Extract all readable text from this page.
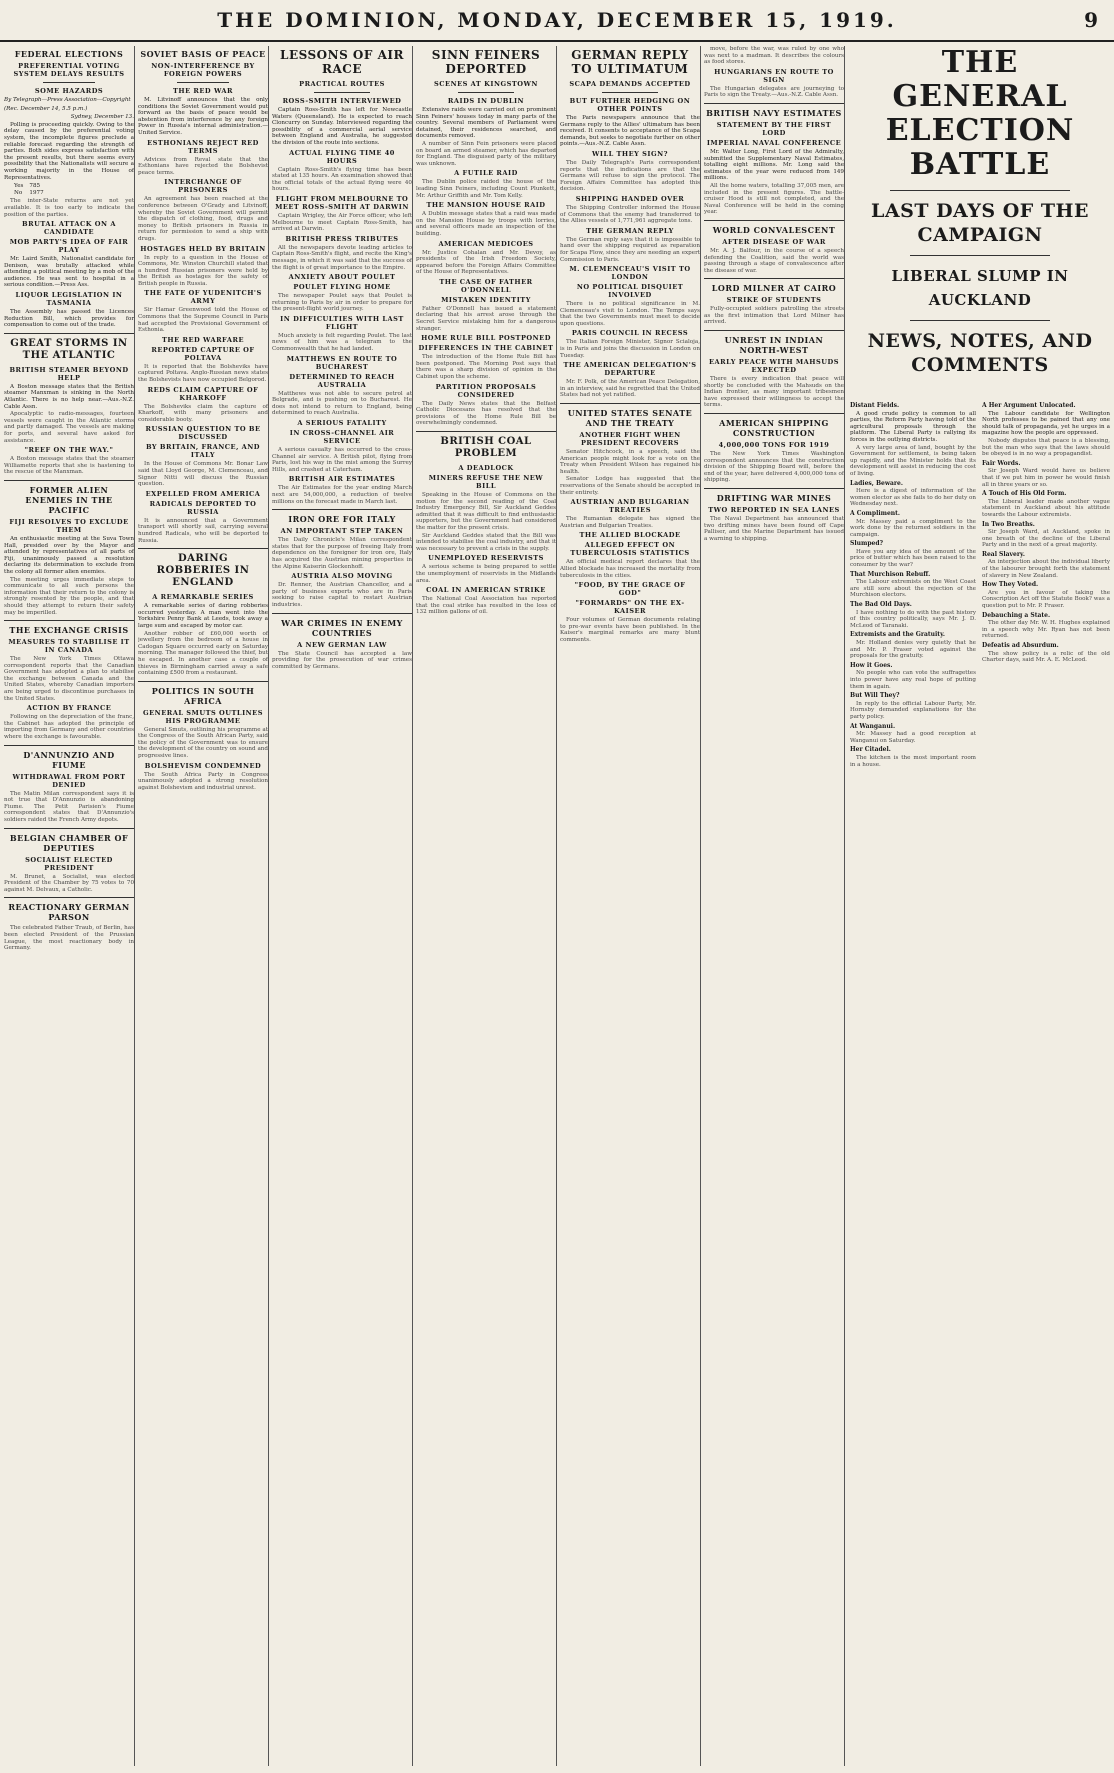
THE DOMINION, MONDAY, DECEMBER 15, 1919.	9
FEDERAL ELECTIONS
PREFERENTIAL VOTING SYSTEM DELAYS RESULTS
SOME HAZARDS
By Telegraph—Press Association—Copyright
(Rec. December 14, 5.5 p.m.)
Sydney, December 13.

Polling is proceeding quickly. Owing to the delay caused by the preferential voting system, the incomplete figures preclude a reliable forecast regarding the strength of parties. Both sides express satisfaction with the present results, but there seems every possibility that the Nationalists will secure a working majority in the House of Representatives.

Yes	785
No	1977

The inter-State returns are not yet available. It is too early to indicate the position of the parties.

BRUTAL ATTACK ON A CANDIDATE
MOB PARTY'S IDEA OF FAIR PLAY

Mr. Laird Smith, Nationalist candidate for Denison, was brutally attacked while attending a political meeting by a mob of the audience. He was sent to hospital in a serious condition.—Press Ass.

LIQUOR LEGISLATION IN TASMANIA

The Assembly has passed the Licences Reduction Bill, which provides for compensation to come out of the trade.

GREAT STORMS IN THE ATLANTIC
BRITISH STEAMER BEYOND HELP

A Boston message states that the British steamer Manxman is sinking in the North Atlantic. There is no help near.—Aus.-N.Z. Cable Assn.

Apocalyptic to radio-messages, fourteen vessels were caught in the Atlantic storms and partly damaged. The vessels are making for ports, and several have asked for assistance.

"REEF ON THE WAY."

A Boston message states that the steamer Williamette reports that she is hastening to the rescue of the Manxman.

FORMER ALIEN ENEMIES IN THE PACIFIC
FIJI RESOLVES TO EXCLUDE THEM

An enthusiastic meeting at the Suva Town Hall, presided over by the Mayor and attended by representatives of all parts of Fiji, unanimously passed a resolution declaring its determination to exclude from the colony all former alien enemies.

The meeting urges immediate steps to communicate to all such persons the information that their return to the colony is strongly resented by the people, and that should they attempt to return their safety may be imperilled.

THE EXCHANGE CRISIS
MEASURES TO STABILISE IT IN CANADA

The New York Times Ottawa correspondent reports that the Canadian Government has adopted a plan to stabilise the exchange between Canada and the United States, whereby Canadian importers are being urged to discontinue purchases in the United States.

ACTION BY FRANCE

Following on the depreciation of the franc, the Cabinet has adopted the principle of importing from Germany and other countries where the exchange is favourable.

D'ANNUNZIO AND FIUME
WITHDRAWAL FROM PORT DENIED

The Matin Milan correspondent says it is not true that D'Annunzio is abandoning Fiume. The Petit Parisien's Fiume correspondent states that D'Annunzio's soldiers raided the French Army depots.

BELGIAN CHAMBER OF DEPUTIES
SOCIALIST ELECTED PRESIDENT

M. Brunet, a Socialist, was elected President of the Chamber by 75 votes to 70 against M. Delvaux, a Catholic.

REACTIONARY GERMAN PARSON

The celebrated Father Traub, of Berlin, has been elected President of the Prussian League, the most reactionary body in Germany.

SOVIET BASIS OF PEACE
NON-INTERFERENCE BY FOREIGN POWERS
THE RED WAR

M. Litvinoff announces that the only conditions the Soviet Government would put forward as the basis of peace would be abstention from interference by any foreign Power in Russia's internal administration.—United Service.

ESTHONIANS REJECT RED TERMS

Advices from Reval state that the Esthonians have rejected the Bolshevist peace terms.

INTERCHANGE OF PRISONERS

An agreement has been reached at the conference between O'Grady and Litvinoff, whereby the Soviet Government will permit the dispatch of clothing, food, drugs and money to British prisoners in Russia in return for permission to send a ship with drugs.

HOSTAGES HELD BY BRITAIN

In reply to a question in the House of Commons, Mr. Winston Churchill stated that a hundred Russian prisoners were held by the British as hostages for the safety of British people in Russia.

THE FATE OF YUDENITCH'S ARMY

Sir Hamar Greenwood told the House of Commons that the Supreme Council in Paris had accepted the Provisional Government of Esthonia.

THE RED WARFARE
REPORTED CAPTURE OF POLTAVA

It is reported that the Bolsheviks have captured Poltava. Anglo-Russian news states the Bolshevists have now occupied Belgorod.

REDS CLAIM CAPTURE OF KHARKOFF

The Bolsheviks claim the capture of Kharkoff, with many prisoners and considerable booty.

RUSSIAN QUESTION TO BE DISCUSSED
BY BRITAIN, FRANCE, AND ITALY

In the House of Commons Mr. Bonar Law said that Lloyd George, M. Clemenceau, and Signor Nitti will discuss the Russian question.

EXPELLED FROM AMERICA
RADICALS DEPORTED TO RUSSIA

It is announced that a Government transport will shortly sail, carrying several hundred Radicals, who will be deported to Russia.

DARING ROBBERIES IN ENGLAND
A REMARKABLE SERIES

A remarkable series of daring robberies occurred yesterday. A man went into the Yorkshire Penny Bank at Leeds, took away a large sum and escaped by motor car.

Another robber of £60,000 worth of jewellery from the bedroom of a house in Cadogan Square occurred early on Saturday morning. The manager followed the thief, but he escaped. In another case a couple of thieves in Birmingham carried away a safe containing £500 from a restaurant.

POLITICS IN SOUTH AFRICA
GENERAL SMUTS OUTLINES HIS PROGRAMME

General Smuts, outlining his programme at the Congress of the South African Party, said the policy of the Government was to ensure the development of the country on sound and progressive lines.

BOLSHEVISM CONDEMNED

The South Africa Party in Congress unanimously adopted a strong resolution against Bolshevism and industrial unrest.

LESSONS OF AIR RACE
PRACTICAL ROUTES
ROSS-SMITH INTERVIEWED

Captain Ross-Smith has left for Newcastle Waters (Queensland). He is expected to reach Cloncurry on Sunday. Interviewed regarding the possibility of a commercial aerial service between England and Australia, he suggested the division of the route into sections.

ACTUAL FLYING TIME 40 HOURS

Captain Ross-Smith's flying time has been stated at 135 hours. An examination showed that the official totals of the actual flying were 40 hours.

FLIGHT FROM MELBOURNE TO MEET ROSS-SMITH AT DARWIN

Captain Wrigley, the Air Force officer, who left Melbourne to meet Captain Ross-Smith, has arrived at Darwin.

BRITISH PRESS TRIBUTES

All the newspapers devote leading articles to Captain Ross-Smith's flight, and recite the King's message, in which it was said that the success of the flight is of great importance to the Empire.

ANXIETY ABOUT POULET
POULET FLYING HOME

The newspaper Poulet says that Poulet is returning to Paris by air in order to prepare for the present-flight world journey.

IN DIFFICULTIES WITH LAST FLIGHT

Much anxiety is felt regarding Poulet. The last news of him was a telegram to the Commonwealth that he had landed.

MATTHEWS EN ROUTE TO BUCHAREST
DETERMINED TO REACH AUSTRALIA

Matthews was not able to secure petrol at Belgrade, and is pushing on to Bucharest. He does not intend to return to England, being determined to reach Australia.

A SERIOUS FATALITY
IN CROSS-CHANNEL AIR SERVICE

A serious casualty has occurred to the cross-Channel air service. A British pilot, flying from Paris, lost his way in the mist among the Surrey Hills, and crashed at Caterham.

BRITISH AIR ESTIMATES

The Air Estimates for the year ending March next are 54,000,000, a reduction of twelve millions on the forecast made in March last.

IRON ORE FOR ITALY
AN IMPORTANT STEP TAKEN

The Daily Chronicle's Milan correspondent states that for the purpose of freeing Italy from dependence on the foreigner for iron ore, Italy has acquired the Austrian mining properties in the Alpine Kaiserin Glockenhoff.

AUSTRIA ALSO MOVING

Dr. Renner, the Austrian Chancellor, and a party of business experts who are in Paris seeking to raise capital to restart Austrian industries.

WAR CRIMES IN ENEMY COUNTRIES
A NEW GERMAN LAW

The State Council has accepted a law providing for the prosecution of war crimes committed by Germans.

SINN FEINERS DEPORTED
SCENES AT KINGSTOWN
RAIDS IN DUBLIN

Extensive raids were carried out on prominent Sinn Feiners' houses today in many parts of the country. Several members of Parliament were detained, their residences searched, and documents removed.

A number of Sinn Fein prisoners were placed on board an armed steamer, which has departed for England. The disguised party of the military was unknown.

A FUTILE RAID

The Dublin police raided the house of the leading Sinn Feiners, including Count Plunkett, Mr. Arthur Griffith and Mr. Tom Kelly.

THE MANSION HOUSE RAID

A Dublin message states that a raid was made on the Mansion House by troops with lorries, and several officers made an inspection of the building.

AMERICAN MEDICOES

Mr. Justice Cohalan and Mr. Devoy, as presidents of the Irish Freedom Society, appeared before the Foreign Affairs Committee of the House of Representatives.

THE CASE OF FATHER O'DONNELL
MISTAKEN IDENTITY

Father O'Donnell has issued a statement declaring that his arrest arose through the Secret Service mistaking him for a dangerous stranger.

HOME RULE BILL POSTPONED
DIFFERENCES IN THE CABINET

The introduction of the Home Rule Bill has been postponed. The Morning Post says that there was a sharp division of opinion in the Cabinet upon the scheme.

PARTITION PROPOSALS CONSIDERED

The Daily News states that the Belfast Catholic Diocesans has resolved that the provisions of the Home Rule Bill be overwhelmingly condemned.

BRITISH COAL PROBLEM
A DEADLOCK
MINERS REFUSE THE NEW BILL

Speaking in the House of Commons on the motion for the second reading of the Coal Industry Emergency Bill, Sir Auckland Geddes admitted that it was difficult to find enthusiastic supporters, but the Government had considered the matter for the present crisis.

Sir Auckland Geddes stated that the Bill was intended to stabilise the coal industry, and that it was necessary to prevent a crisis in the supply.

UNEMPLOYED RESERVISTS

A serious scheme is being prepared to settle the unemployment of reservists in the Midlands area.

COAL IN AMERICAN STRIKE

The National Coal Association has reported that the coal strike has resulted in the loss of 132 million gallons of oil.

GERMAN REPLY TO ULTIMATUM
SCAPA DEMANDS ACCEPTED
BUT FURTHER HEDGING ON OTHER POINTS

The Paris newspapers announce that the Germans reply to the Allies' ultimatum has been received. It consents to acceptance of the Scapa demands, but seeks to negotiate further on other points.—Aus.-N.Z. Cable Assn.

WILL THEY SIGN?

The Daily Telegraph's Paris correspondent reports that the indications are that the Germans will refuse to sign the protocol. The Foreign Affairs Committee has adopted this decision.

SHIPPING HANDED OVER

The Shipping Controller informed the House of Commons that the enemy had transferred to the Allies vessels of 1,771,961 aggregate tons.

THE GERMAN REPLY

The German reply says that it is impossible to hand over the shipping required as reparation for Scapa Flow, since they are needing an expert Commission to Paris.

M. CLEMENCEAU'S VISIT TO LONDON
NO POLITICAL DISQUIET INVOLVED

There is no political significance in M. Clemenceau's visit to London. The Temps says that the two Governments must meet to decide upon questions.

PARIS COUNCIL IN RECESS

The Italian Foreign Minister, Signor Scialoja, is in Paris and joins the discussion in London on Tuesday.

THE AMERICAN DELEGATION'S DEPARTURE

Mr. F. Polk, of the American Peace Delegation, in an interview, said he regretted that the United States had not yet ratified.

UNITED STATES SENATE AND THE TREATY
ANOTHER FIGHT WHEN PRESIDENT RECOVERS

Senator Hitchcock, in a speech, said the American people might look for a vote on the Treaty when President Wilson has regained his health.

Senator Lodge has suggested that the reservations of the Senate should be accepted in their entirety.

AUSTRIAN AND BULGARIAN TREATIES

The Rumanian delegate has signed the Austrian and Bulgarian Treaties.

THE ALLIED BLOCKADE
ALLEGED EFFECT ON TUBERCULOSIS STATISTICS

An official medical report declares that the Allied blockade has increased the mortality from tuberculosis in the cities.

"FOOD, BY THE GRACE OF GOD"
"FORMARDS" ON THE EX-KAISER

Four volumes of German documents relating to pre-war events have been published. In the Kaiser's marginal remarks are many blunt comments.

move, before the war, was ruled by one who was next to a madman. It describes the colours as food stores.

HUNGARIANS EN ROUTE TO SIGN

The Hungarian delegates are journeying to Paris to sign the Treaty.—Aus.-N.Z. Cable Assn.

BRITISH NAVY ESTIMATES
STATEMENT BY THE FIRST LORD
IMPERIAL NAVAL CONFERENCE

Mr. Walter Long, First Lord of the Admiralty, submitted the Supplementary Naval Estimates, totalling eight millions. Mr. Long said the estimates of the year were reduced from 149 millions.

All the home waters, totalling 37,005 men, are included in the present figures. The battle-cruiser Hood is still not completed, and the Naval Conference will be held in the coming year.

WORLD CONVALESCENT
AFTER DISEASE OF WAR

Mr. A. J. Balfour, in the course of a speech defending the Coalition, said the world was passing through a stage of convalescence after the disease of war.

LORD MILNER AT CAIRO
STRIKE OF STUDENTS

Fully-occupied soldiers patrolling the streets as the first intimation that Lord Milner has arrived.

UNREST IN INDIAN NORTH-WEST
EARLY PEACE WITH MAHSUDS EXPECTED

There is every indication that peace will shortly be concluded with the Mahsuds on the Indian frontier, as many important tribesmen have expressed their willingness to accept the terms.

AMERICAN SHIPPING CONSTRUCTION
4,000,000 TONS FOR 1919

The New York Times Washington correspondent announces that the construction division of the Shipping Board will, before the end of the year, have delivered 4,000,000 tons of shipping.

DRIFTING WAR MINES
TWO REPORTED IN SEA LANES

The Naval Department has announced that two drifting mines have been found off Cape Palliser, and the Marine Department has issued a warning to shipping.

THE GENERAL ELECTION BATTLE
LAST DAYS OF THE CAMPAIGN
LIBERAL SLUMP IN AUCKLAND
NEWS, NOTES, AND COMMENTS
Distant Fields.

A good crude policy is common to all parties, the Reform Party having told of the agricultural proposals through the platform. The Liberal Party is rallying its forces in the outlying districts.

A very large area of land, bought by the Government for settlement, is being taken up rapidly, and the Minister holds that its development will assist in reducing the cost of living.

Ladies, Beware.

Here is a digest of information of the women elector as she fails to do her duty on Wednesday next.

A Compliment.

Mr. Massey paid a compliment to the work done by the returned soldiers in the campaign.

Slumped?

Have you any idea of the amount of the price of butter which has been raised to the consumer by the war?

That Murchison Rebuff.

The Labour extremists on the West Coast are still sore about the rejection of the Murchison electors.

The Bad Old Days.

I have nothing to do with the past history of this country politically, says Mr. J. D. McLeod of Taranaki.

Extremists and the Gratuity.

Mr. Holland denies very quietly that he and Mr. P. Fraser voted against the proposals for the gratuity.

How it Goes.

No people who can vote the suffragettes into power have any real hope of putting them in again.

But Will They?

In reply to the official Labour Party, Mr. Hornsby demanded explanations for the party policy.

At Wanganui.

Mr. Massey had a good reception at Wanganui on Saturday.

Her Citadel.

The kitchen is the most important room in a house.

A Her Argument Unlocated.

The Labour candidate for Wellington North professes to be pained that any one should talk of propaganda, yet he urges in a magazine how the people are oppressed.

Nobody disputes that peace is a blessing, but the man who says that the laws should be obeyed is in no way a propagandist.

Fair Words.

Sir Joseph Ward would have us believe that if we put him in power he would finish all in three years or so.

A Touch of His Old Form.

The Liberal leader made another vague statement in Auckland about his attitude towards the Labour extremists.

In Two Breaths.

Sir Joseph Ward, at Auckland, spoke in one breath of the decline of the Liberal Party and in the next of a great majority.

Real Slavery.

An interjection about the individual liberty of the labourer brought forth the statement of slavery in New Zealand.

How They Voted.

Are you in favour of taking the Conscription Act off the Statute Book? was a question put to Mr. P. Fraser.

Debauching a State.

The other day Mr. W. H. Hughes explained in a speech why Mr. Ryan has not been returned.

Defeatis ad Absurdum.

The show policy is a relic of the old Charter days, said Mr. A. E. McLeod.
